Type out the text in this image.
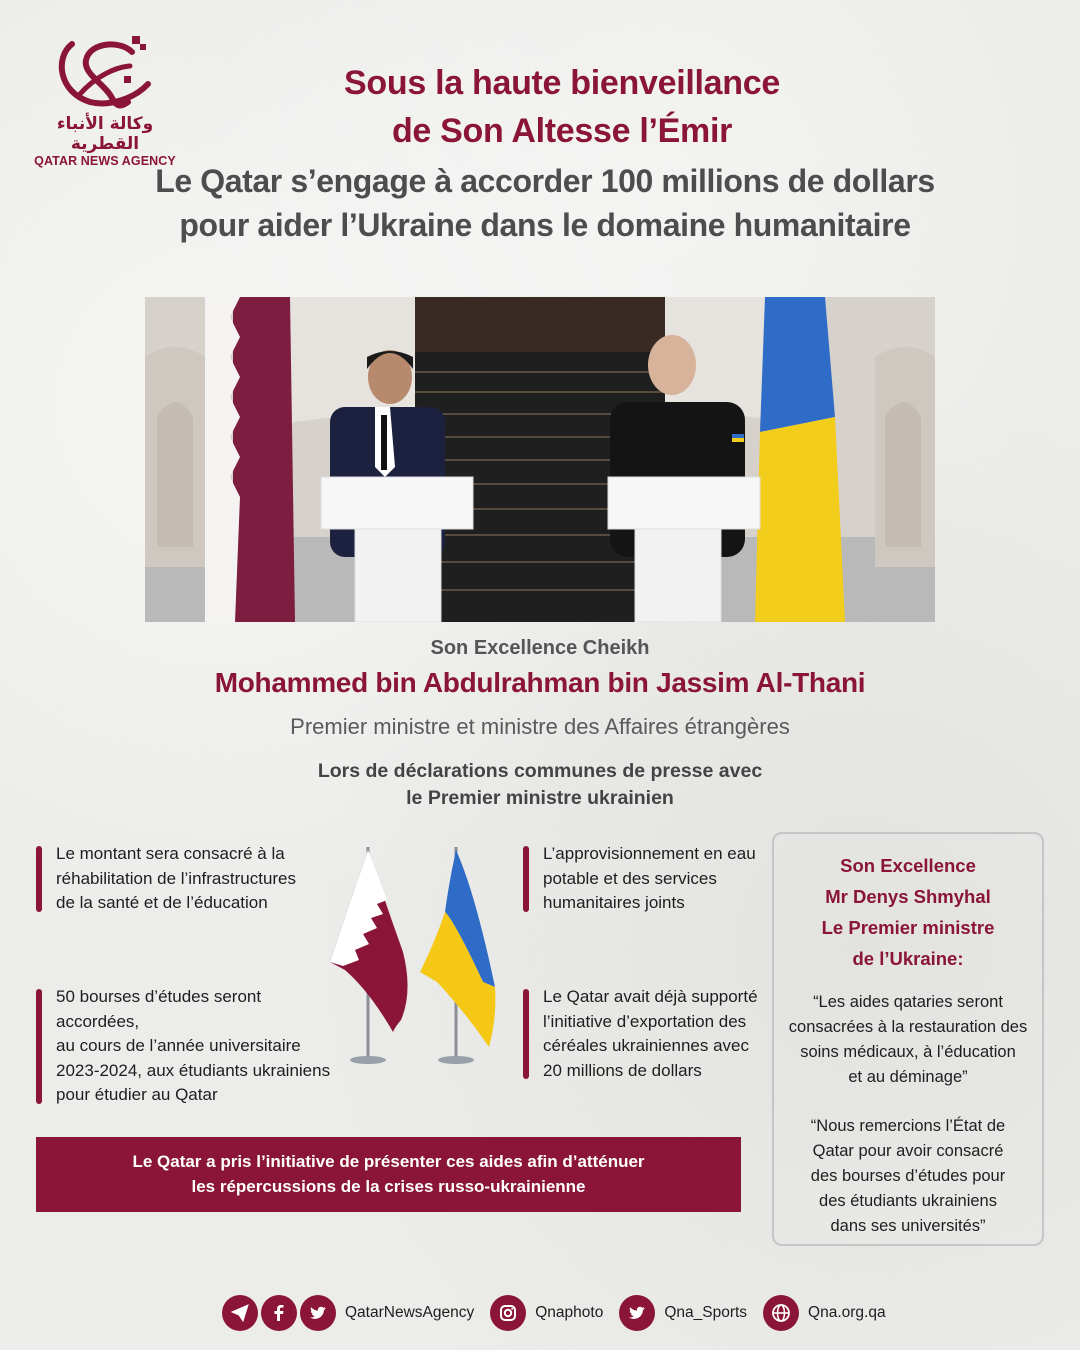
وكالة الأنباء القطرية
QATAR NEWS AGENCY
Sous la haute bienveillance
de Son Altesse l’Émir
Le Qatar s’engage à accorder 100 millions de dollars
pour aider l’Ukraine dans le domaine humanitaire
Son Excellence Cheikh
Mohammed bin Abdulrahman bin Jassim Al-Thani
Premier ministre et ministre des Affaires étrangères
Lors de déclarations communes de presse avec
le Premier ministre ukrainien
Le montant sera consacré à la
réhabilitation de l’infrastructures
de la santé et de l’éducation
50 bourses d’études seront accordées,
au cours de l’année universitaire
2023-2024, aux étudiants ukrainiens
pour étudier au Qatar
L’approvisionnement en eau
potable et des services
humanitaires joints
Le Qatar avait déjà supporté
l’initiative d’exportation des
céréales ukrainiennes avec
20 millions de dollars
Son Excellence
Mr Denys Shmyhal
Le Premier ministre
de l’Ukraine:
“Les aides qataries seront
consacrées à la restauration des
soins médicaux, à l’éducation
et au déminage”
“Nous remercions l’État de
Qatar pour avoir consacré
des bourses d’études pour
des étudiants ukrainiens
dans ses universités”
Le Qatar a pris l’initiative de présenter ces aides afin d’atténuer
les répercussions de la crises russo-ukrainienne
QatarNewsAgency	Qnaphoto	Qna_Sports	Qna.org.qa
